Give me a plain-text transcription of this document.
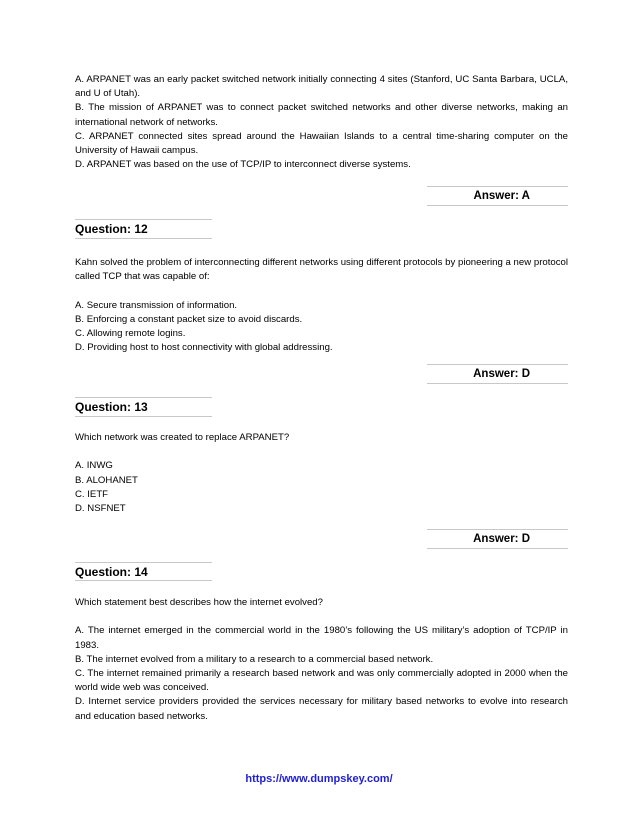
A. ARPANET was an early packet switched network initially connecting 4 sites (Stanford, UC Santa Barbara, UCLA, and U of Utah).

B. The mission of ARPANET was to connect packet switched networks and other diverse networks, making an international network of networks.

C. ARPANET connected sites spread around the Hawaiian Islands to a central time-sharing computer on the University of Hawaii campus.

D. ARPANET was based on the use of TCP/IP to interconnect diverse systems.

Answer: A
Question: 12

Kahn solved the problem of interconnecting different networks using different protocols by pioneering a new protocol called TCP that was capable of:

A. Secure transmission of information.

B. Enforcing a constant packet size to avoid discards.

C. Allowing remote logins.

D. Providing host to host connectivity with global addressing.

Answer: D
Question: 13

Which network was created to replace ARPANET?

A. INWG

B. ALOHANET

C. IETF

D. NSFNET

Answer: D
Question: 14

Which statement best describes how the internet evolved?

A. The internet emerged in the commercial world in the 1980’s following the US military’s adoption of TCP/IP in 1983.

B. The internet evolved from a military to a research to a commercial based network.

C. The internet remained primarily a research based network and was only commercially adopted in 2000 when the world wide web was conceived.

D. Internet service providers provided the services necessary for military based networks to evolve into research and education based networks.

https://www.dumpskey.com/
